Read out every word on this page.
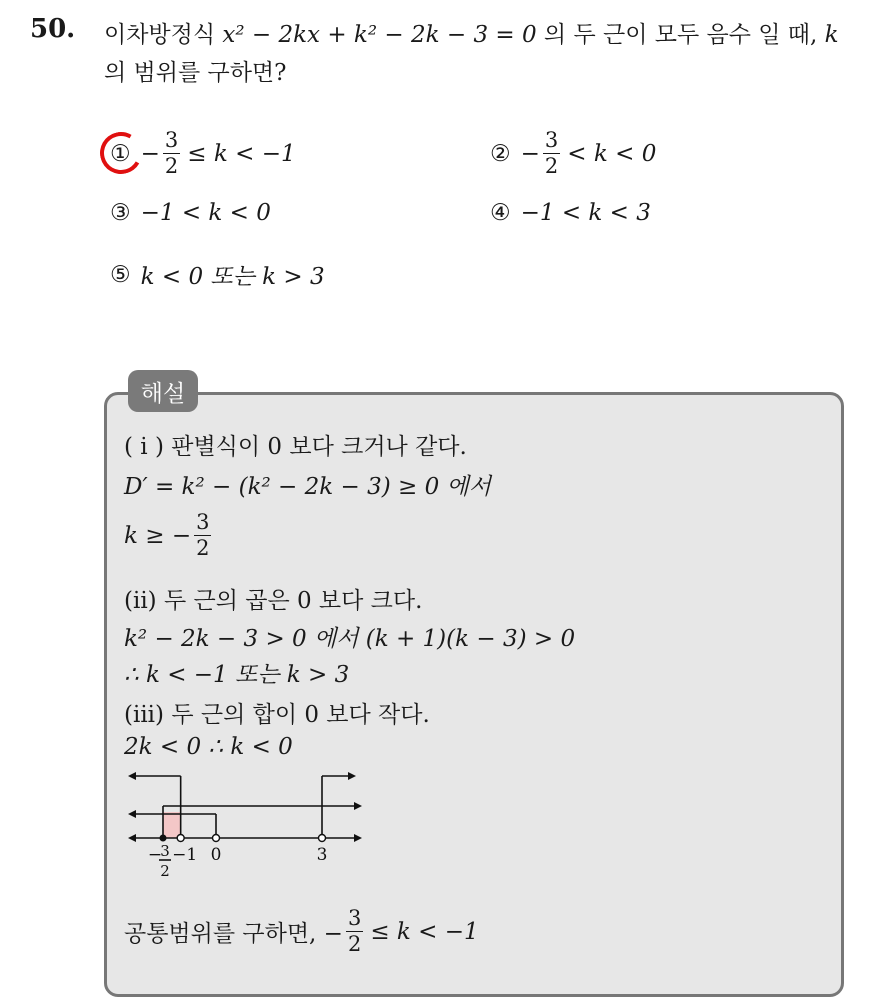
50. 이차방정식 x² − 2kx + k² − 2k − 3 = 0 의 두 근이 모두 음수 일 때, k
의 범위를 구하면?
① − $\frac{3}{2} \le k < -1$	② − $\frac{3}{2} < k < 0$
③ −1 < k < 0	④ −1 < k < 3
⑤ k < 0 또는 k > 3
해설
( i ) 판별식이 0 보다 크거나 같다.
D′ = k² − (k² − 2k − 3) ≥ 0 에서
k ≥ − $\frac{3}{2}$
(ii) 두 근의 곱은 0 보다 크다.
k² − 2k − 3 > 0 에서 (k + 1)(k − 3) > 0
∴ k < −1 또는 k > 3
(iii) 두 근의 합이 0 보다 작다.
2k < 0 ∴ k < 0
−
3
2
−1 0	3
공통범위를 구하면, − $\frac{3}{2} \le k < -1$
